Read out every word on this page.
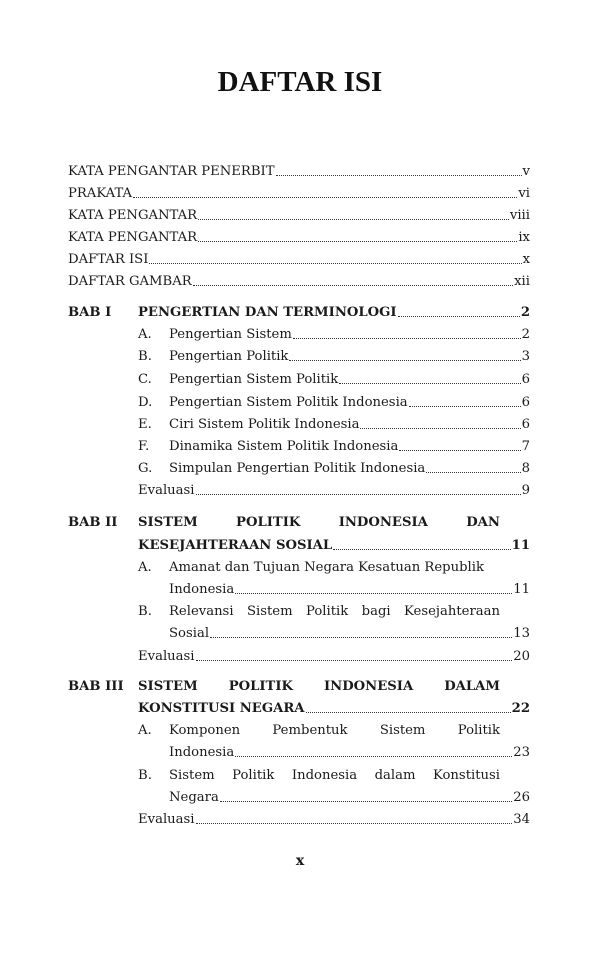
DAFTAR ISI
KATA PENGANTAR PENERBIT	v
PRAKATA	vi
KATA PENGANTAR	viii
KATA PENGANTAR	ix
DAFTAR ISI	x
DAFTAR GAMBAR	xii
BAB I PENGERTIAN DAN TERMINOLOGI	2
A. Pengertian Sistem	2
B. Pengertian Politik	3
C. Pengertian Sistem Politik	6
D. Pengertian Sistem Politik Indonesia	6
E. Ciri Sistem Politik Indonesia	6
F. Dinamika Sistem Politik Indonesia	7
G. Simpulan Pengertian Politik Indonesia	8
Evaluasi	9
BAB II SISTEM	POLITIK	INDONESIA	DAN
KESEJAHTERAAN SOSIAL	11
A. Amanat dan Tujuan Negara Kesatuan Republik
Indonesia	11
B. Relevansi Sistem Politik bagi Kesejahteraan
Sosial	13
Evaluasi	20
BAB III SISTEM POLITIK INDONESIA DALAM
KONSTITUSI NEGARA	22
A. Komponen Pembentuk Sistem Politik
Indonesia	23
B. Sistem Politik Indonesia dalam Konstitusi
Negara	26
Evaluasi	34
x
